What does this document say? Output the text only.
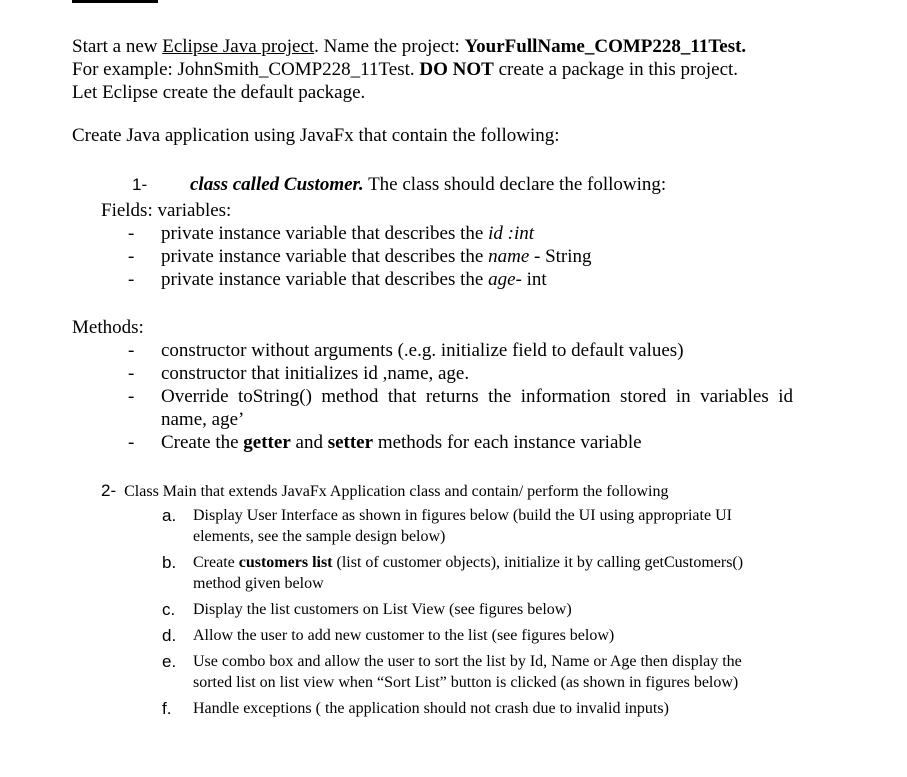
Start a new Eclipse Java project. Name the project: YourFullName_COMP228_11Test.
For example: JohnSmith_COMP228_11Test. DO NOT create a package in this project.
Let Eclipse create the default package.
Create Java application using JavaFx that contain the following:
1- class called Customer. The class should declare the following:
Fields: variables:
- private instance variable that describes the id :int
- private instance variable that describes the name - String
- private instance variable that describes the age- int
Methods:
- constructor without arguments (.e.g. initialize field to default values)
- constructor that initializes id ,name, age.
- Override toString() method that returns the information stored in variables id
name, age’
- Create the getter and setter methods for each instance variable
2- Class Main that extends JavaFx Application class and contain/ perform the following
a. Display User Interface as shown in figures below (build the UI using appropriate UI elements, see the sample design below)
b. Create customers list (list of customer objects), initialize it by calling getCustomers() method given below
c. Display the list customers on List View (see figures below)
d. Allow the user to add new customer to the list (see figures below)
e. Use combo box and allow the user to sort the list by Id, Name or Age then display the sorted list on list view when “Sort List” button is clicked (as shown in figures below)
f. Handle exceptions ( the application should not crash due to invalid inputs)
